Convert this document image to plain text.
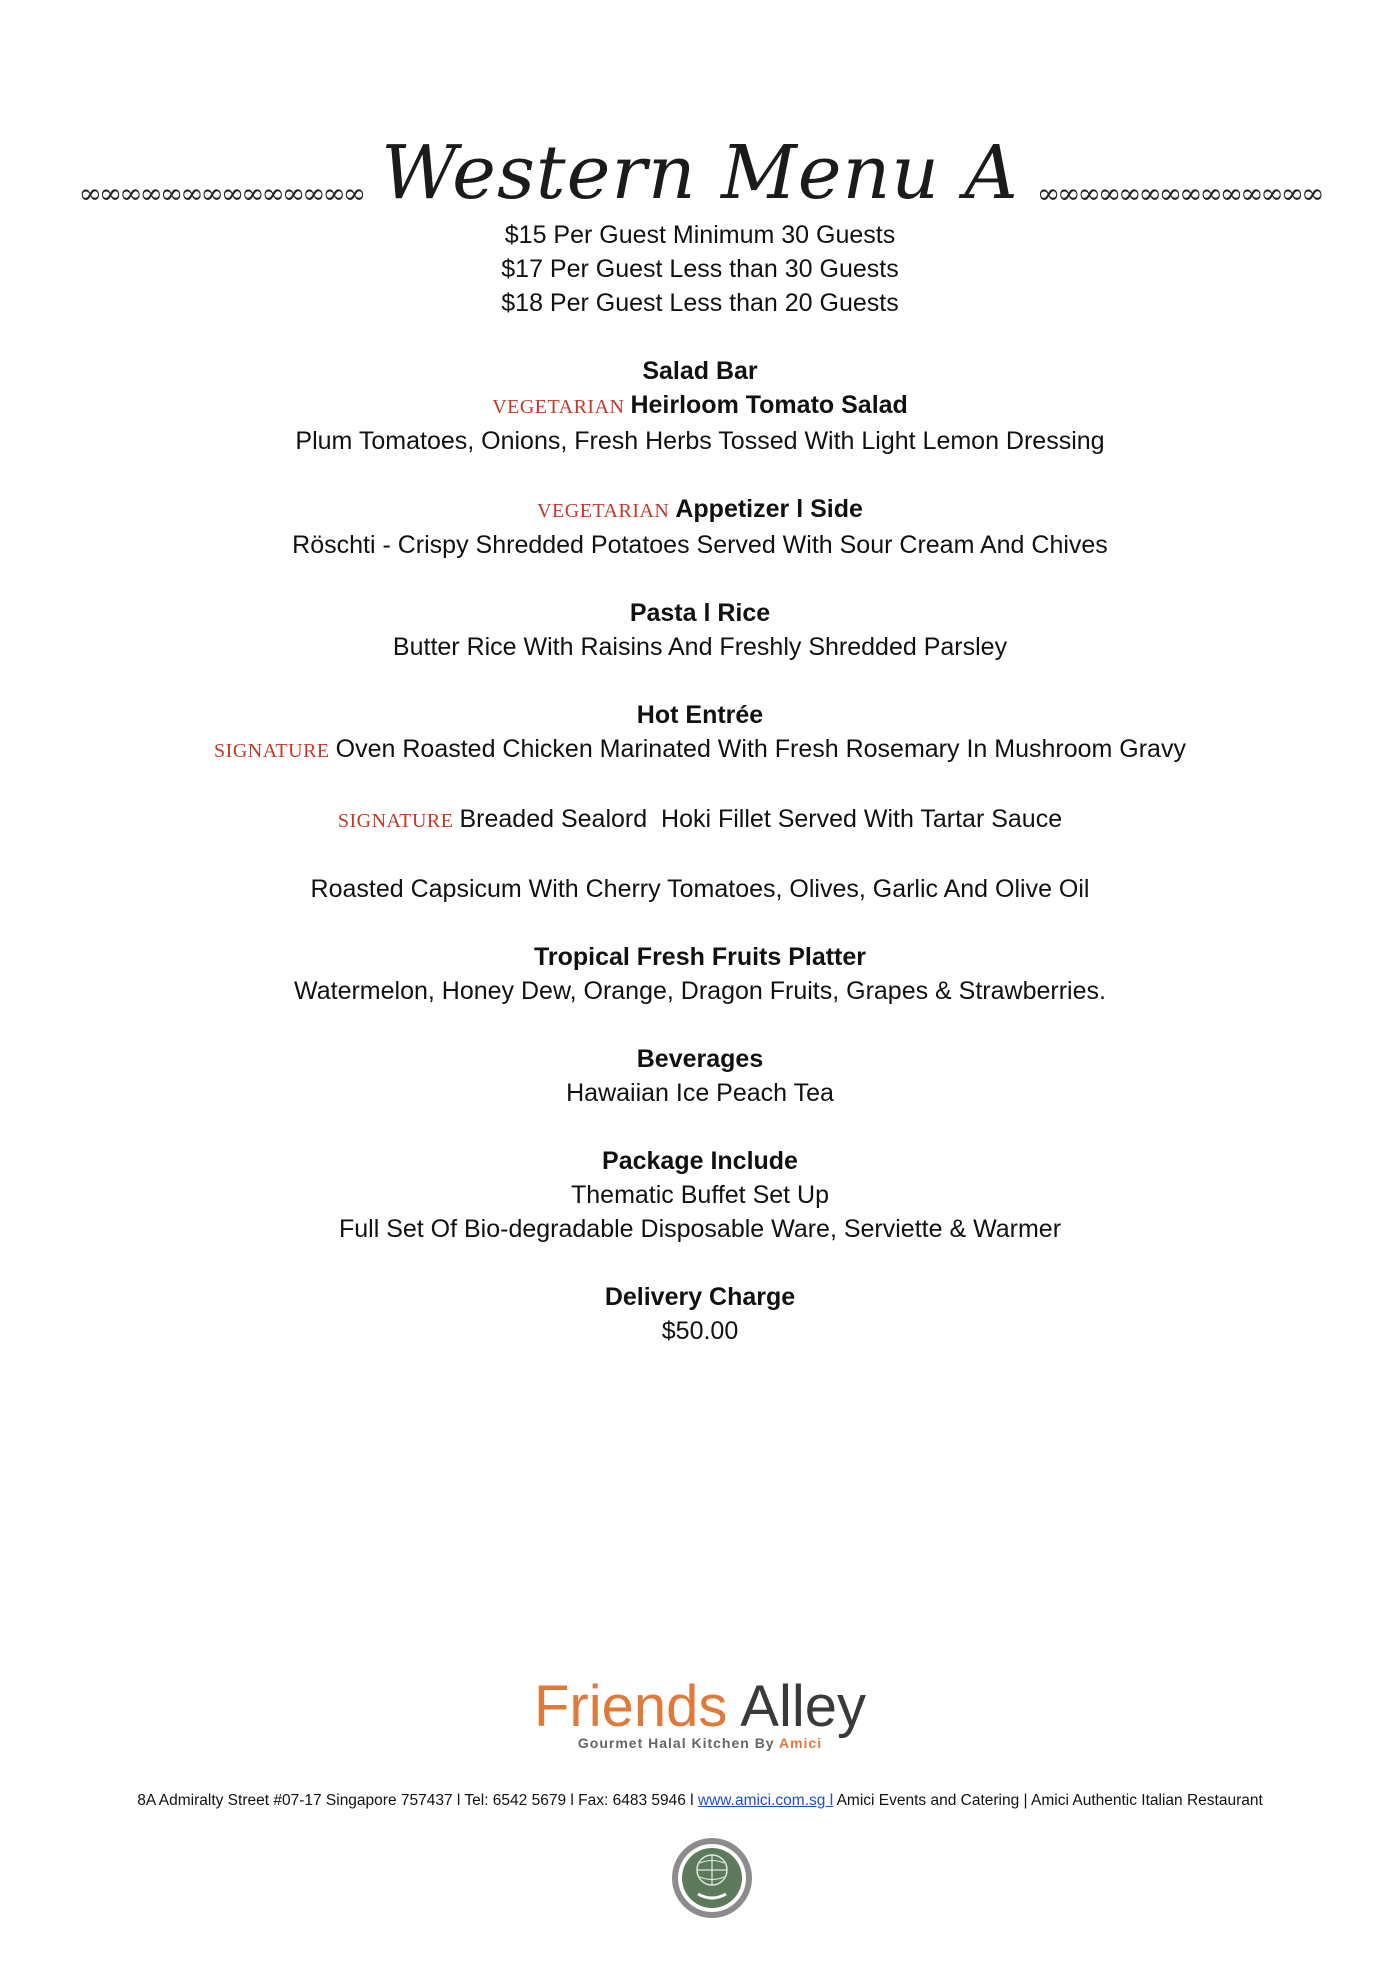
∞∞∞∞∞∞∞∞∞∞∞∞∞∞ Western Menu A ∞∞∞∞∞∞∞∞∞∞∞∞∞∞
$15 Per Guest Minimum 30 Guests
$17 Per Guest Less than 30 Guests
$18 Per Guest Less than 20 Guests
Salad Bar
VEGETARIAN Heirloom Tomato Salad
Plum Tomatoes, Onions, Fresh Herbs Tossed With Light Lemon Dressing
VEGETARIAN Appetizer l Side
Röschti - Crispy Shredded Potatoes Served With Sour Cream And Chives
Pasta l Rice
Butter Rice With Raisins And Freshly Shredded Parsley
Hot Entrée
SIGNATURE Oven Roasted Chicken Marinated With Fresh Rosemary In Mushroom Gravy
SIGNATURE Breaded Sealord  Hoki Fillet Served With Tartar Sauce
Roasted Capsicum With Cherry Tomatoes, Olives, Garlic And Olive Oil
Tropical Fresh Fruits Platter
Watermelon, Honey Dew, Orange, Dragon Fruits, Grapes & Strawberries.
Beverages
Hawaiian Ice Peach Tea
Package Include
Thematic Buffet Set Up
Full Set Of Bio-degradable Disposable Ware, Serviette & Warmer
Delivery Charge
$50.00
Friends Alley
Gourmet Halal Kitchen By Amici
8A Admiralty Street #07-17 Singapore 757437 l Tel: 6542 5679 l Fax: 6483 5946 l www.amici.com.sg l Amici Events and Catering | Amici Authentic Italian Restaurant
